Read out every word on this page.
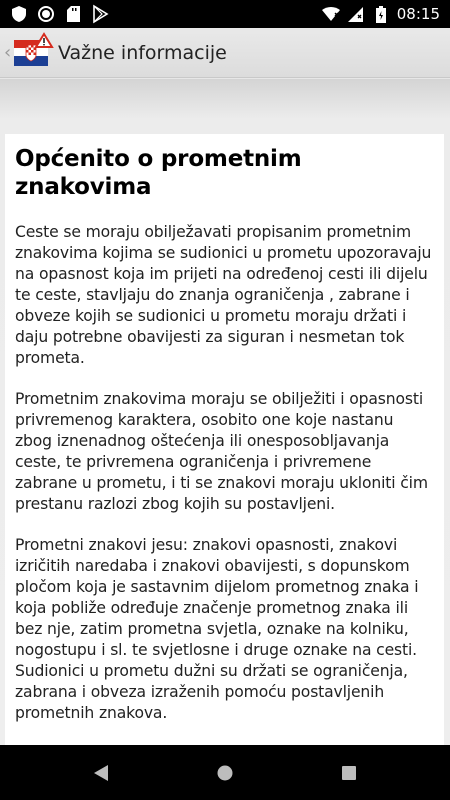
08:15
‹ Važne informacije
Općenito o prometnim znakovima

Ceste se moraju obilježavati propisanim prometnim znakovima kojima se sudionici u prometu upozoravaju na opasnost koja im prijeti na određenoj cesti ili dijelu te ceste, stavljaju do znanja ograničenja , zabrane i obveze kojih se sudionici u prometu moraju držati i daju potrebne obavijesti za siguran i nesmetan tok prometa.

Prometnim znakovima moraju se obilježiti i opasnosti privremenog karaktera, osobito one koje nastanu zbog iznenadnog oštećenja ili onesposobljavanja ceste, te privremena ograničenja i privremene zabrane u prometu, i ti se znakovi moraju ukloniti čim prestanu razlozi zbog kojih su postavljeni.

Prometni znakovi jesu: znakovi opasnosti, znakovi izričitih naredaba i znakovi obavijesti, s dopunskom pločom koja je sastavnim dijelom prometnog znaka i koja pobliže određuje značenje prometnog znaka ili bez nje, zatim prometna svjetla, oznake na kolniku, nogostupu i sl. te svjetlosne i druge oznake na cesti. Sudionici u prometu dužni su držati se ograničenja, zabrana i obveza izraženih pomoću postavljenih prometnih znakova.
